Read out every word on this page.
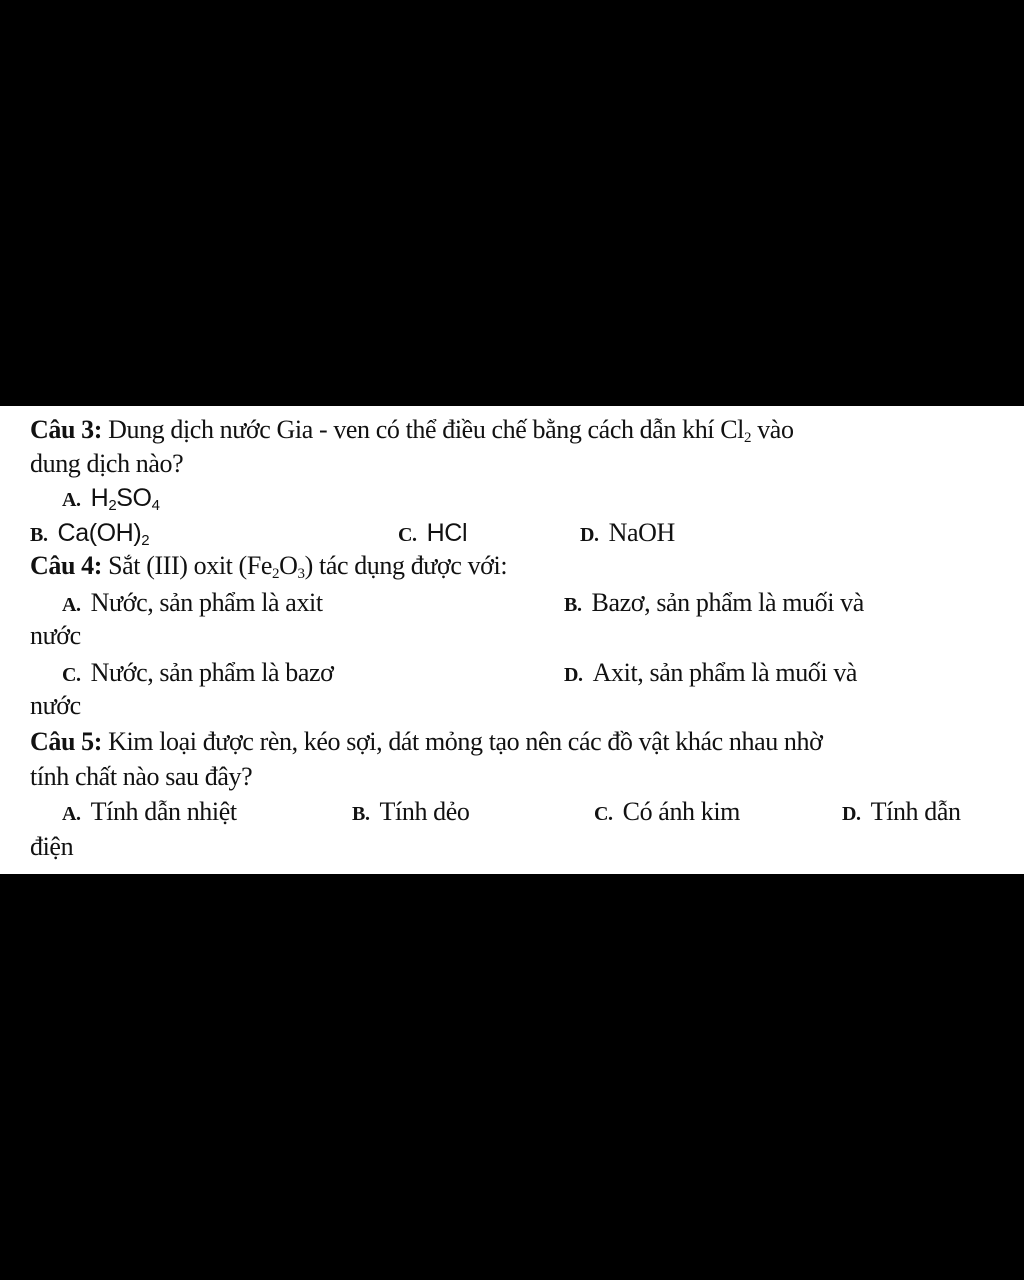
Câu 3: Dung dịch nước Gia - ven có thể điều chế bằng cách dẫn khí $Cl_2$ vào
dung dịch nào?
A. $H_2SO_4$
B. $Ca(OH)_2$	C. HCl	D. NaOH
Câu 4: Sắt (III) oxit $(Fe_2O_3)$ tác dụng được với:
A. Nước, sản phẩm là axit	B. Bazơ, sản phẩm là muối và
nước
C. Nước, sản phẩm là bazơ	D. Axit, sản phẩm là muối và
nước
Câu 5: Kim loại được rèn, kéo sợi, dát mỏng tạo nên các đồ vật khác nhau nhờ
tính chất nào sau đây?
A. Tính dẫn nhiệt	B. Tính dẻo	C. Có ánh kim	D. Tính dẫn
điện
